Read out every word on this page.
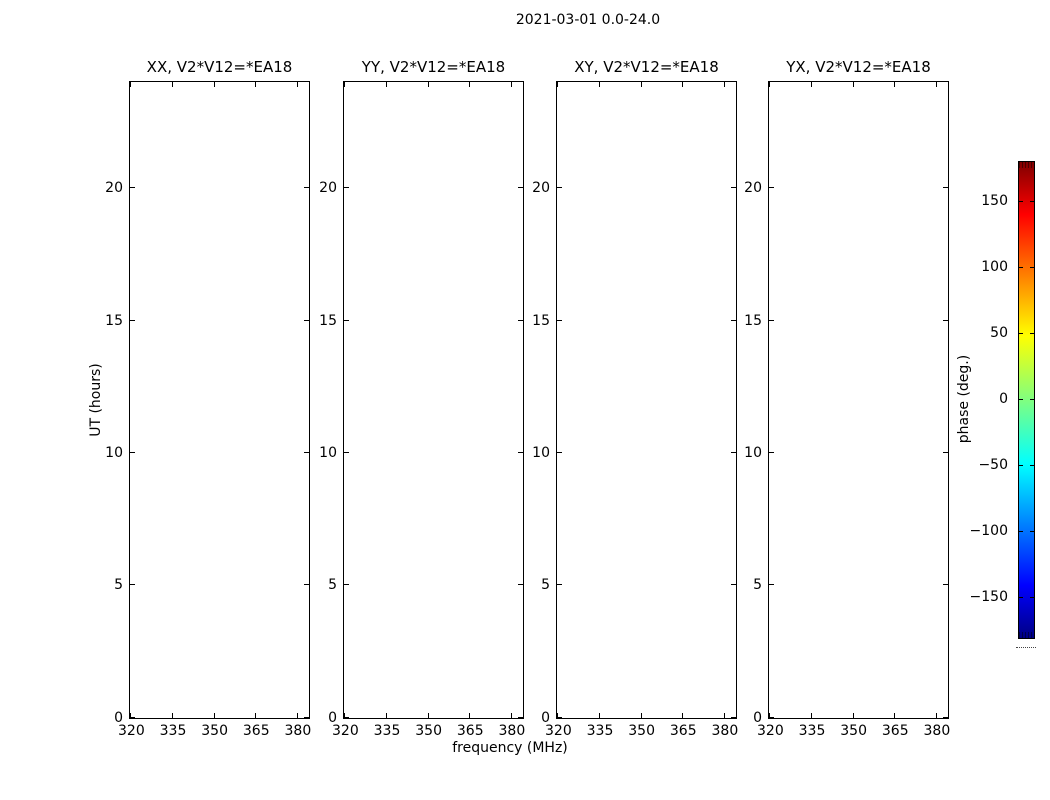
2021-03-01 0.0-24.0
XX, V2*V12=*EA18
320	335	350	365	380
0
5
10
15
20
YY, V2*V12=*EA18
320	335	350	365	380
0
5
10
15
20
XY, V2*V12=*EA18
320	335	350	365	380
0
5
10
15
20
YX, V2*V12=*EA18
320	335	350	365	380
0
5
10
15
20
UT (hours)
frequency (MHz)
phase (deg.)
150
100
50
0
−50
−100
−150
